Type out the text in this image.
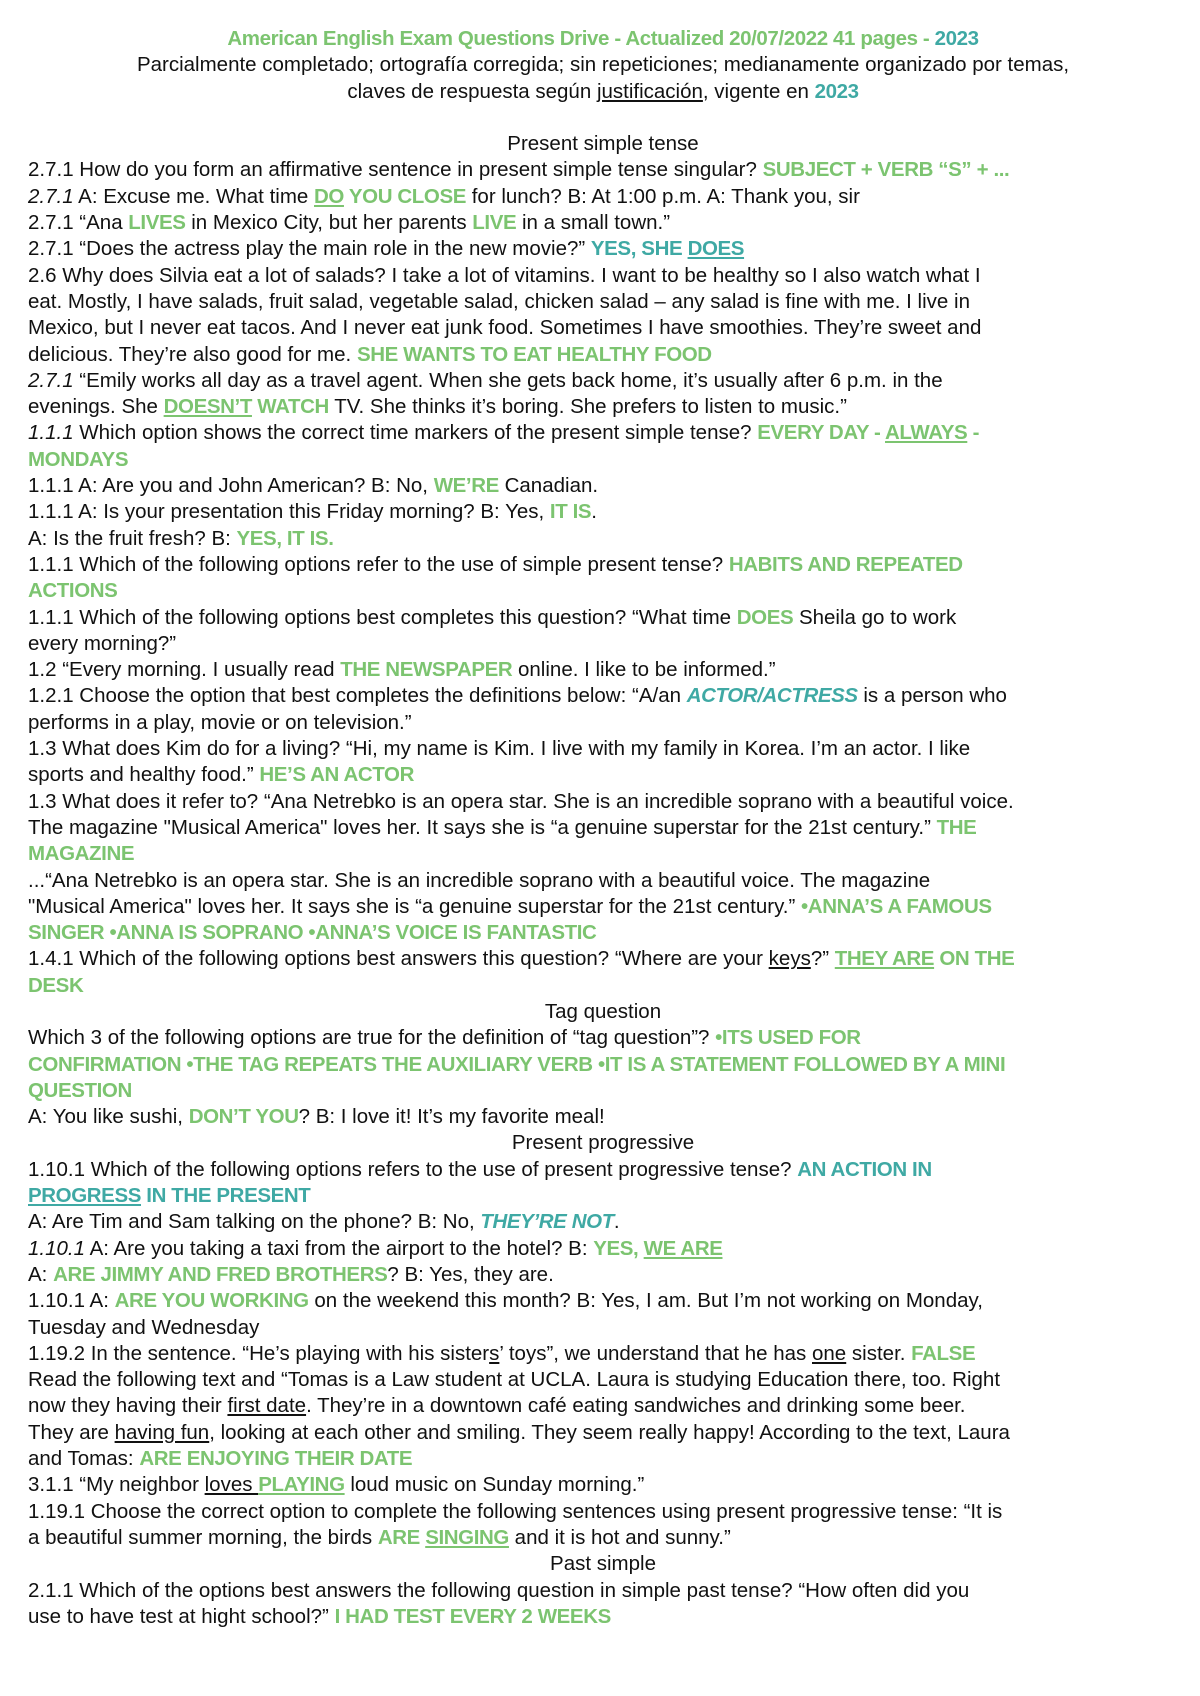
American English Exam Questions Drive - Actualized 20/07/2022 41 pages - 2023
Parcialmente completado; ortografía corregida; sin repeticiones; medianamente organizado por temas,
claves de respuesta según justificación, vigente en 2023

Present simple tense
2.7.1 How do you form an affirmative sentence in present simple tense singular? SUBJECT + VERB “S” + ...
2.7.1 A: Excuse me. What time DO YOU CLOSE for lunch? B: At 1:00 p.m. A: Thank you, sir
2.7.1 “Ana LIVES in Mexico City, but her parents LIVE in a small town.”
2.7.1 “Does the actress play the main role in the new movie?” YES, SHE DOES
2.6 Why does Silvia eat a lot of salads? I take a lot of vitamins. I want to be healthy so I also watch what I
eat. Mostly, I have salads, fruit salad, vegetable salad, chicken salad – any salad is fine with me. I live in
Mexico, but I never eat tacos. And I never eat junk food. Sometimes I have smoothies. They’re sweet and
delicious. They’re also good for me. SHE WANTS TO EAT HEALTHY FOOD
2.7.1 “Emily works all day as a travel agent. When she gets back home, it’s usually after 6 p.m. in the
evenings. She DOESN’T WATCH TV. She thinks it’s boring. She prefers to listen to music.”
1.1.1 Which option shows the correct time markers of the present simple tense? EVERY DAY - ALWAYS -
MONDAYS
1.1.1 A: Are you and John American? B: No, WE’RE Canadian.
1.1.1 A: Is your presentation this Friday morning? B: Yes, IT IS.
A: Is the fruit fresh? B: YES, IT IS.
1.1.1 Which of the following options refer to the use of simple present tense? HABITS AND REPEATED
ACTIONS
1.1.1 Which of the following options best completes this question? “What time DOES Sheila go to work
every morning?”
1.2 “Every morning. I usually read THE NEWSPAPER online. I like to be informed.”
1.2.1 Choose the option that best completes the definitions below: “A/an ACTOR/ACTRESS is a person who
performs in a play, movie or on television.”
1.3 What does Kim do for a living? “Hi, my name is Kim. I live with my family in Korea. I’m an actor. I like
sports and healthy food.” HE’S AN ACTOR
1.3 What does it refer to? “Ana Netrebko is an opera star. She is an incredible soprano with a beautiful voice.
The magazine "Musical America" loves her. It says she is “a genuine superstar for the 21st century.” THE
MAGAZINE
...“Ana Netrebko is an opera star. She is an incredible soprano with a beautiful voice. The magazine
"Musical America" loves her. It says she is “a genuine superstar for the 21st century.” •ANNA’S A FAMOUS
SINGER •ANNA IS SOPRANO •ANNA’S VOICE IS FANTASTIC
1.4.1 Which of the following options best answers this question? “Where are your keys?” THEY ARE ON THE
DESK
Tag question
Which 3 of the following options are true for the definition of “tag question”? •ITS USED FOR
CONFIRMATION •THE TAG REPEATS THE AUXILIARY VERB •IT IS A STATEMENT FOLLOWED BY A MINI
QUESTION
A: You like sushi, DON’T YOU? B: I love it! It’s my favorite meal!
Present progressive
1.10.1 Which of the following options refers to the use of present progressive tense? AN ACTION IN
PROGRESS IN THE PRESENT
A: Are Tim and Sam talking on the phone? B: No, THEY’RE NOT.
1.10.1 A: Are you taking a taxi from the airport to the hotel? B: YES, WE ARE
A: ARE JIMMY AND FRED BROTHERS? B: Yes, they are.
1.10.1 A: ARE YOU WORKING on the weekend this month? B: Yes, I am. But I’m not working on Monday,
Tuesday and Wednesday
1.19.2 In the sentence. “He’s playing with his sisters’ toys”, we understand that he has one sister. FALSE
Read the following text and “Tomas is a Law student at UCLA. Laura is studying Education there, too. Right
now they having their first date. They’re in a downtown café eating sandwiches and drinking some beer.
They are having fun, looking at each other and smiling. They seem really happy! According to the text, Laura
and Tomas: ARE ENJOYING THEIR DATE
3.1.1 “My neighbor loves PLAYING loud music on Sunday morning.”
1.19.1 Choose the correct option to complete the following sentences using present progressive tense: “It is
a beautiful summer morning, the birds ARE SINGING and it is hot and sunny.”
Past simple
2.1.1 Which of the options best answers the following question in simple past tense? “How often did you
use to have test at hight school?” I HAD TEST EVERY 2 WEEKS
